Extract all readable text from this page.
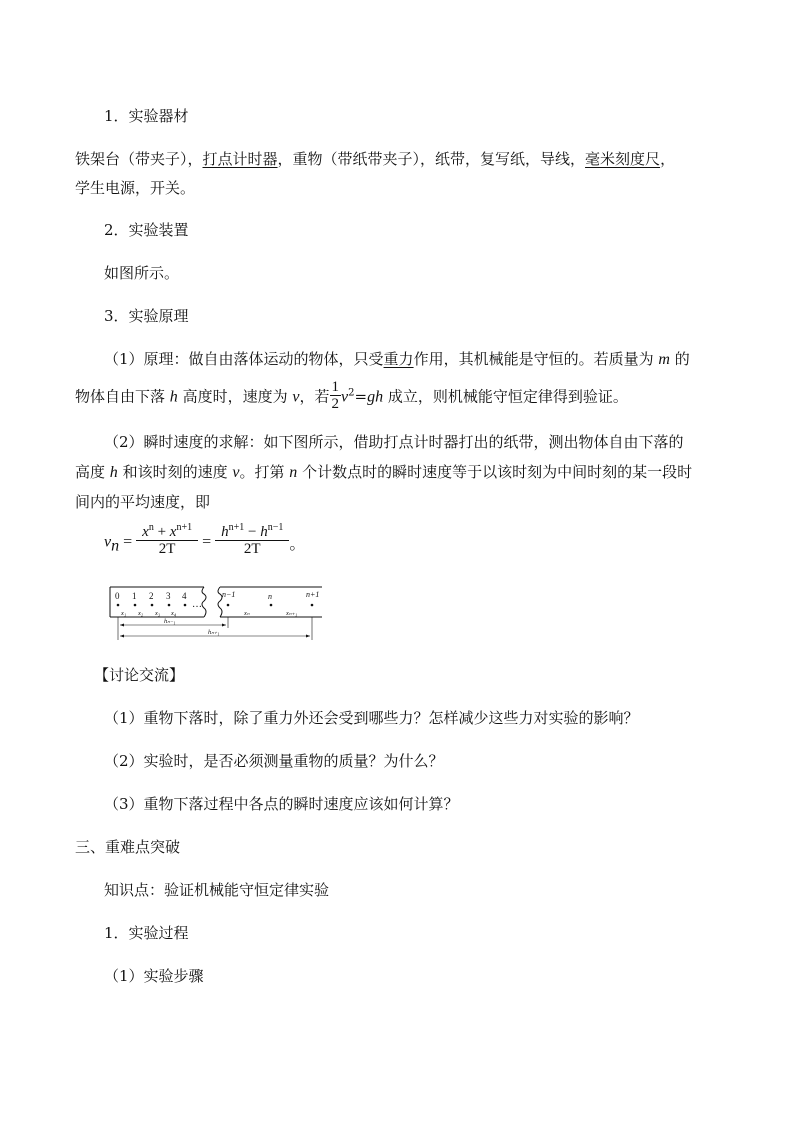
1．实验器材
铁架台（带夹子），打点计时器，重物（带纸带夹子），纸带，复写纸，导线，毫米刻度尺，
学生电源，开关。
2．实验装置
如图所示。
3．实验原理
（1）原理：做自由落体运动的物体，只受重力作用，其机械能是守恒的。若质量为 m 的
物体自由下落 h 高度时，速度为 v，若 $\frac{1}{2} v^2=gh$ 成立，则机械能守恒定律得到验证。
（2）瞬时速度的求解：如下图所示，借助打点计时器打出的纸带，测出物体自由下落的
高度 h 和该时刻的速度 v。打第 n 个计数点时的瞬时速度等于以该时刻为中间时刻的某一段时
间内的平均速度，即
$v_n = \frac{x^n + x^{n+1}}{2T} = \frac{h^{n+1} - h^{n-1}}{2T}$ 。
0 1 2 3 4
…
n−1	n	n+1
x₁ x₂ x₃ x₄	xₙ	xₙ₊₁
hₙ₋₁
hₙ₊₁
【讨论交流】
（1）重物下落时，除了重力外还会受到哪些力？怎样减少这些力对实验的影响？
（2）实验时，是否必须测量重物的质量？为什么？
（3）重物下落过程中各点的瞬时速度应该如何计算？
三、重难点突破
知识点：验证机械能守恒定律实验
1．实验过程
（1）实验步骤
